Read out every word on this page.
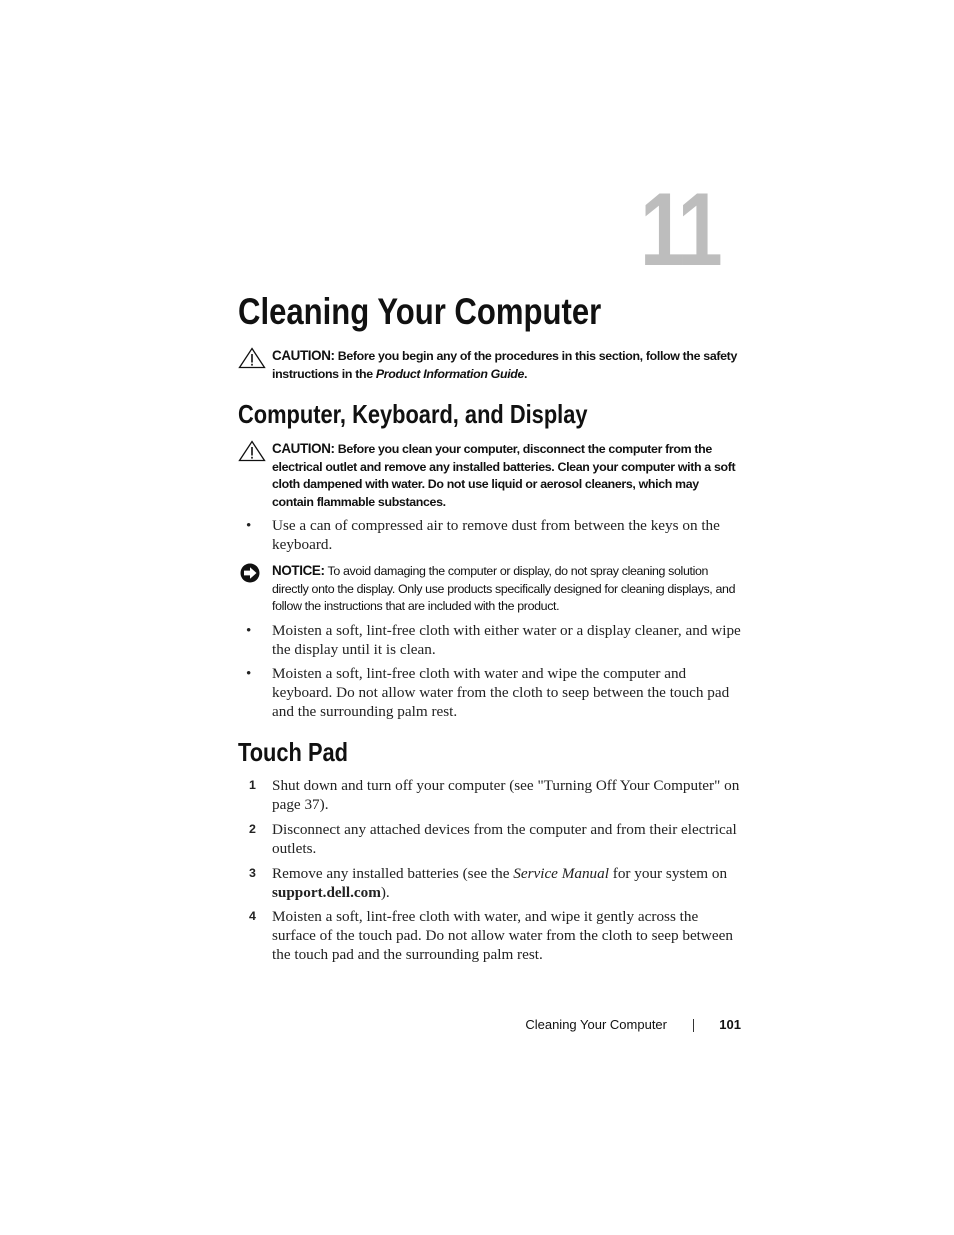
11
Cleaning Your Computer
CAUTION: Before you begin any of the procedures in this section, follow the safety instructions in the Product Information Guide.
Computer, Keyboard, and Display
CAUTION: Before you clean your computer, disconnect the computer from the electrical outlet and remove any installed batteries. Clean your computer with a soft cloth dampened with water. Do not use liquid or aerosol cleaners, which may contain flammable substances.
•	Use a can of compressed air to remove dust from between the keys on the keyboard.
NOTICE: To avoid damaging the computer or display, do not spray cleaning solution directly onto the display. Only use products specifically designed for cleaning displays, and follow the instructions that are included with the product.
•	Moisten a soft, lint-free cloth with either water or a display cleaner, and wipe the display until it is clean.
•	Moisten a soft, lint-free cloth with water and wipe the computer and keyboard. Do not allow water from the cloth to seep between the touch pad and the surrounding palm rest.
Touch Pad
1 Shut down and turn off your computer (see "Turning Off Your Computer" on page 37).
2 Disconnect any attached devices from the computer and from their electrical outlets.
3 Remove any installed batteries (see the Service Manual for your system on support.dell.com).
4 Moisten a soft, lint-free cloth with water, and wipe it gently across the surface of the touch pad. Do not allow water from the cloth to seep between the touch pad and the surrounding palm rest.
Cleaning Your Computer	101
